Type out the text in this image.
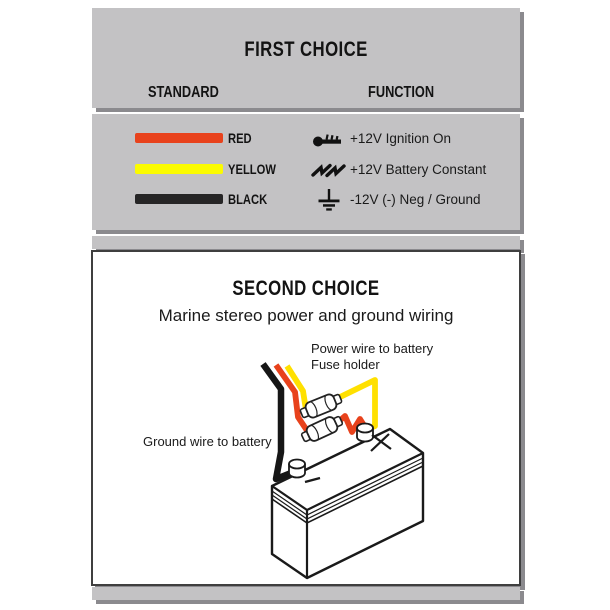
FIRST CHOICE
STANDARD	FUNCTION
RED	+12V Ignition On
YELLOW	+12V Battery Constant
BLACK	-12V (-) Neg / Ground
SECOND CHOICE
Marine stereo power and ground wiring
Power wire to battery
Fuse holder
Ground wire to battery
